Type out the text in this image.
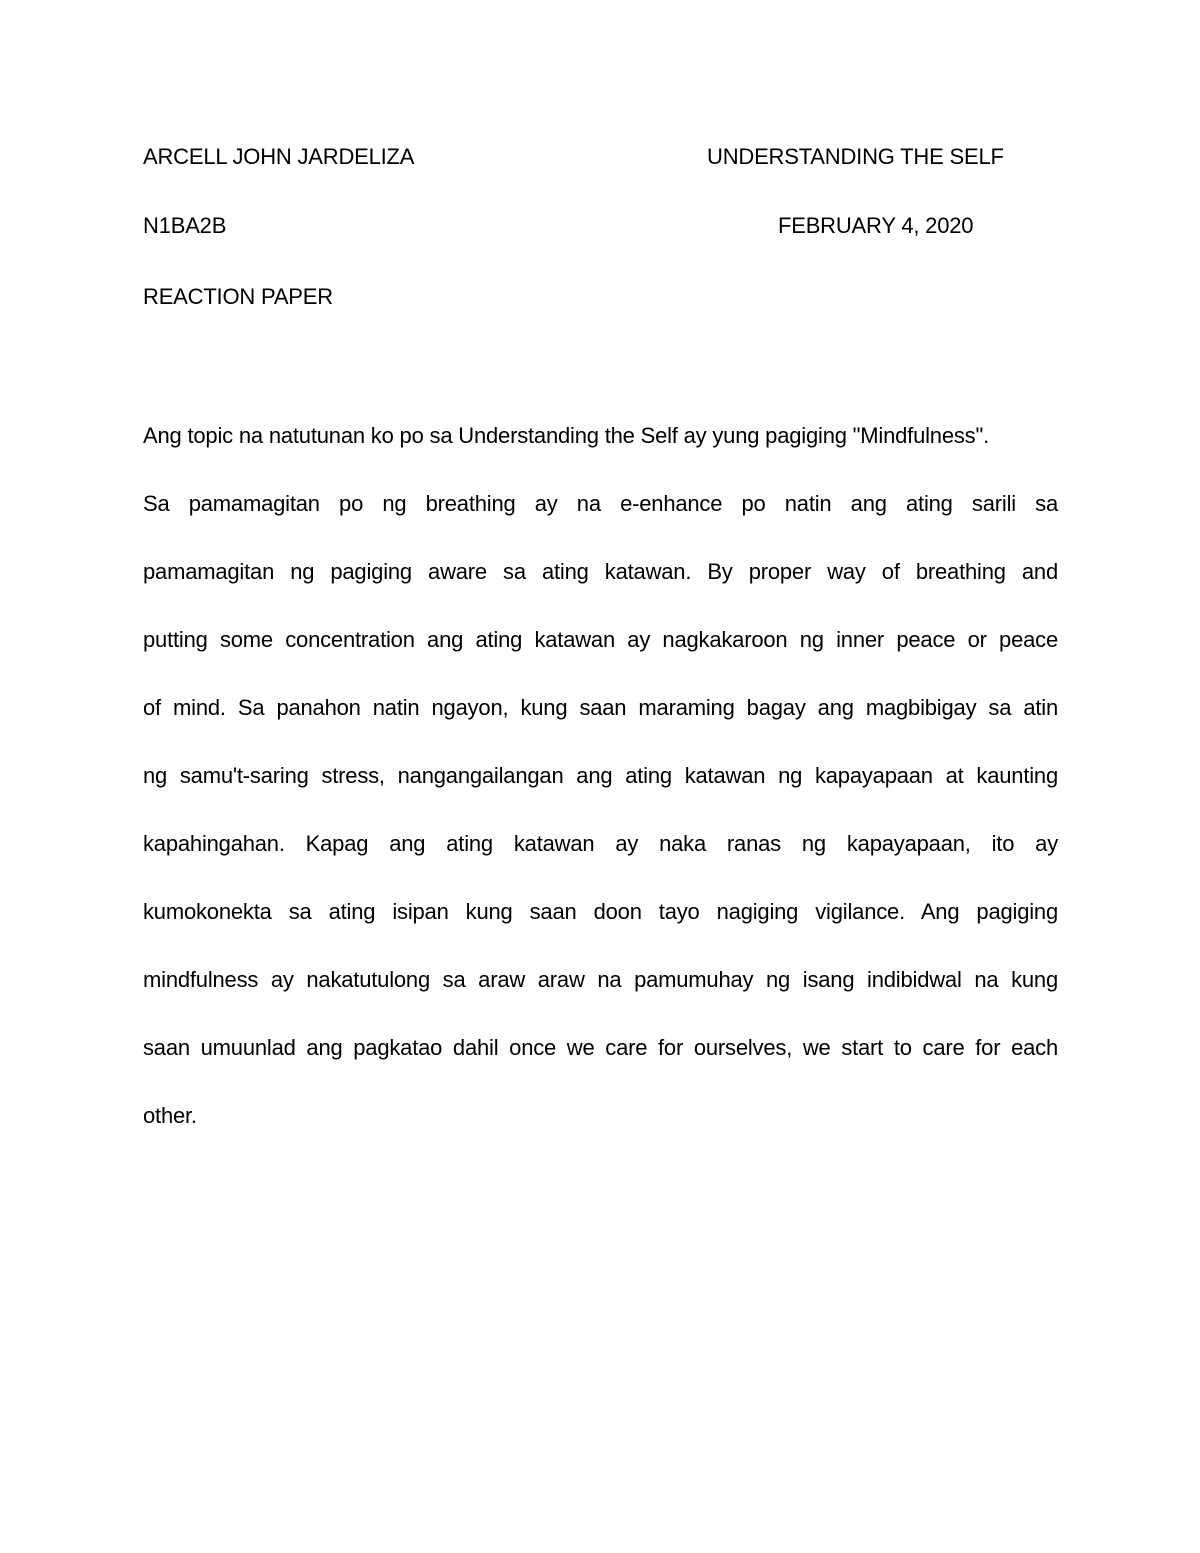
ARCELL JOHN JARDELIZA	UNDERSTANDING THE SELF
N1BA2B	FEBRUARY 4, 2020
REACTION PAPER
Ang topic na natutunan ko po sa Understanding the Self ay yung pagiging "Mindfulness".
Sa pamamagitan po ng breathing ay na e-enhance po natin ang ating sarili sa
pamamagitan ng pagiging aware sa ating katawan. By proper way of breathing and
putting some concentration ang ating katawan ay nagkakaroon ng inner peace or peace
of mind. Sa panahon natin ngayon, kung saan maraming bagay ang magbibigay sa atin
ng samu't-saring stress, nangangailangan ang ating katawan ng kapayapaan at kaunting
kapahingahan. Kapag ang ating katawan ay naka ranas ng kapayapaan, ito ay
kumokonekta sa ating isipan kung saan doon tayo nagiging vigilance. Ang pagiging
mindfulness ay nakatutulong sa araw araw na pamumuhay ng isang indibidwal na kung
saan umuunlad ang pagkatao dahil once we care for ourselves, we start to care for each
other.
